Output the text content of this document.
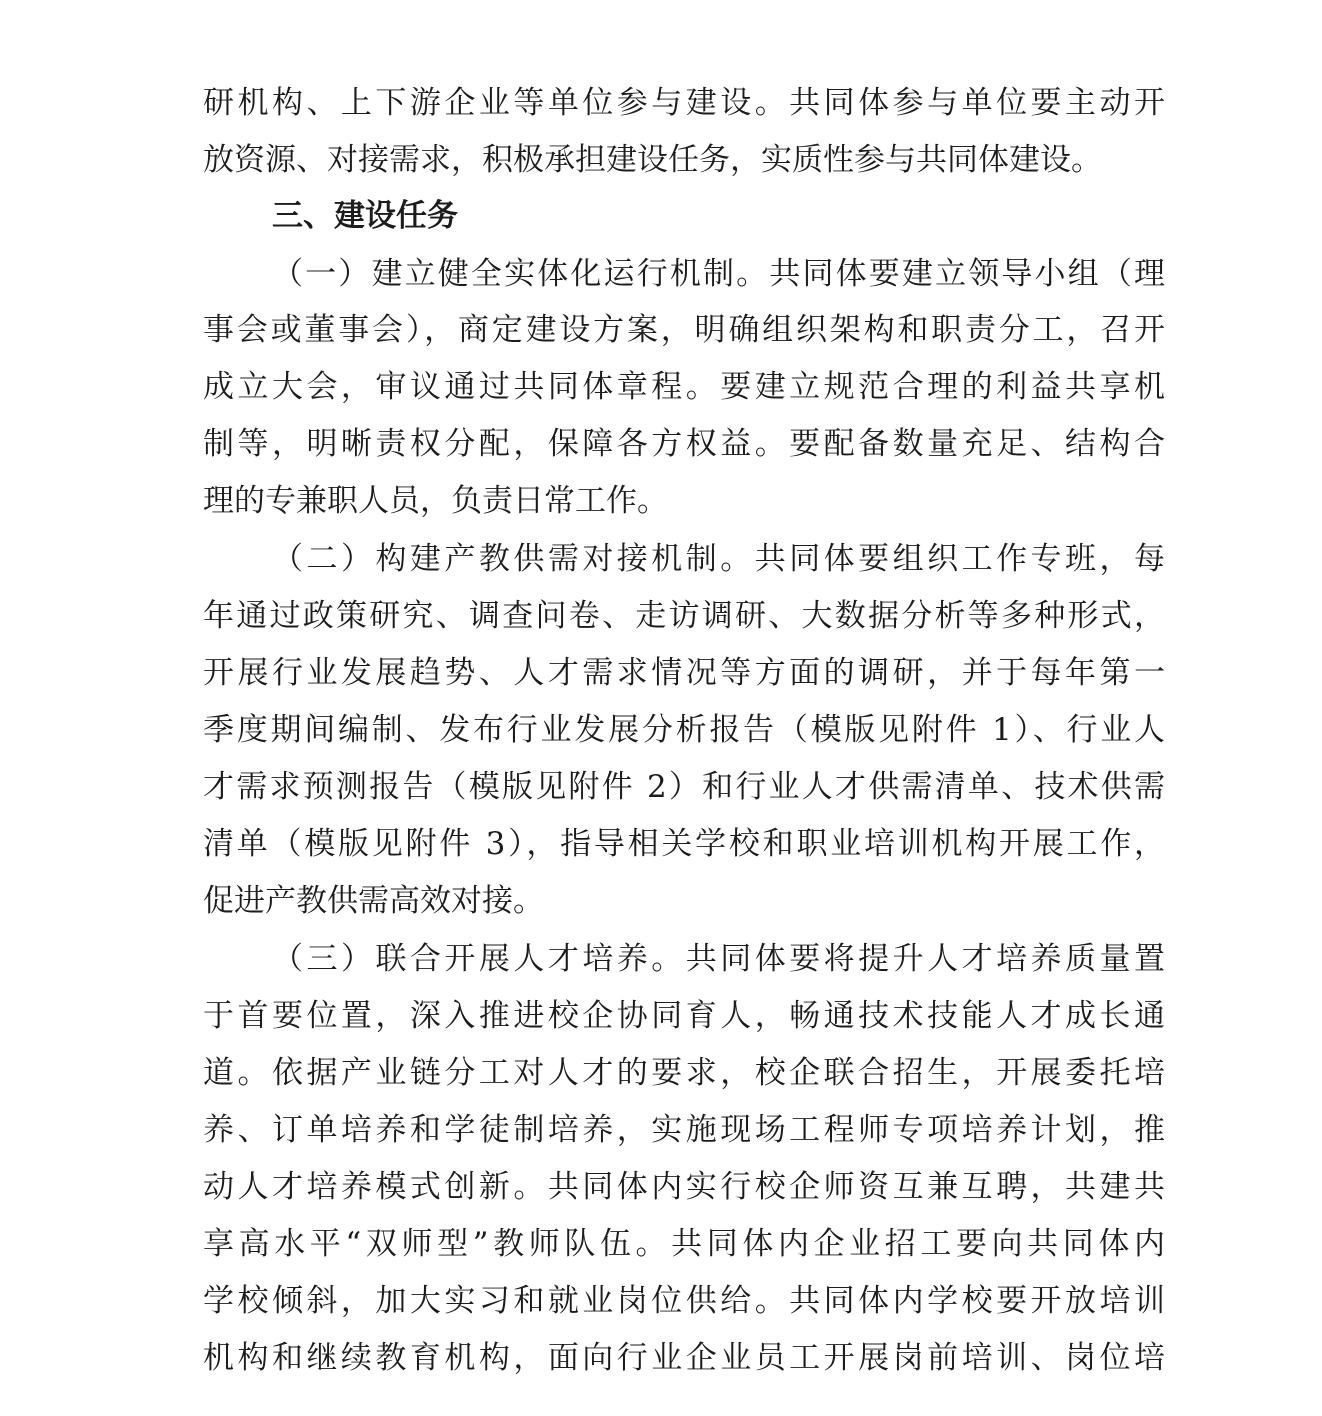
研机构、上下游企业等单位参与建设。共同体参与单位要主动开
放资源、对接需求，积极承担建设任务，实质性参与共同体建设。
三、建设任务
（一）建立健全实体化运行机制。共同体要建立领导小组（理
事会或董事会），商定建设方案，明确组织架构和职责分工，召开
成立大会，审议通过共同体章程。要建立规范合理的利益共享机
制等，明晰责权分配，保障各方权益。要配备数量充足、结构合
理的专兼职人员，负责日常工作。
（二）构建产教供需对接机制。共同体要组织工作专班，每
年通过政策研究、调查问卷、走访调研、大数据分析等多种形式，
开展行业发展趋势、人才需求情况等方面的调研，并于每年第一
季度期间编制、发布行业发展分析报告（模版见附件 1）、行业人
才需求预测报告（模版见附件 2）和行业人才供需清单、技术供需
清单（模版见附件 3），指导相关学校和职业培训机构开展工作，
促进产教供需高效对接。
（三）联合开展人才培养。共同体要将提升人才培养质量置
于首要位置，深入推进校企协同育人，畅通技术技能人才成长通
道。依据产业链分工对人才的要求，校企联合招生，开展委托培
养、订单培养和学徒制培养，实施现场工程师专项培养计划，推
动人才培养模式创新。共同体内实行校企师资互兼互聘，共建共
享高水平“双师型”教师队伍。共同体内企业招工要向共同体内
学校倾斜，加大实习和就业岗位供给。共同体内学校要开放培训
机构和继续教育机构，面向行业企业员工开展岗前培训、岗位培
